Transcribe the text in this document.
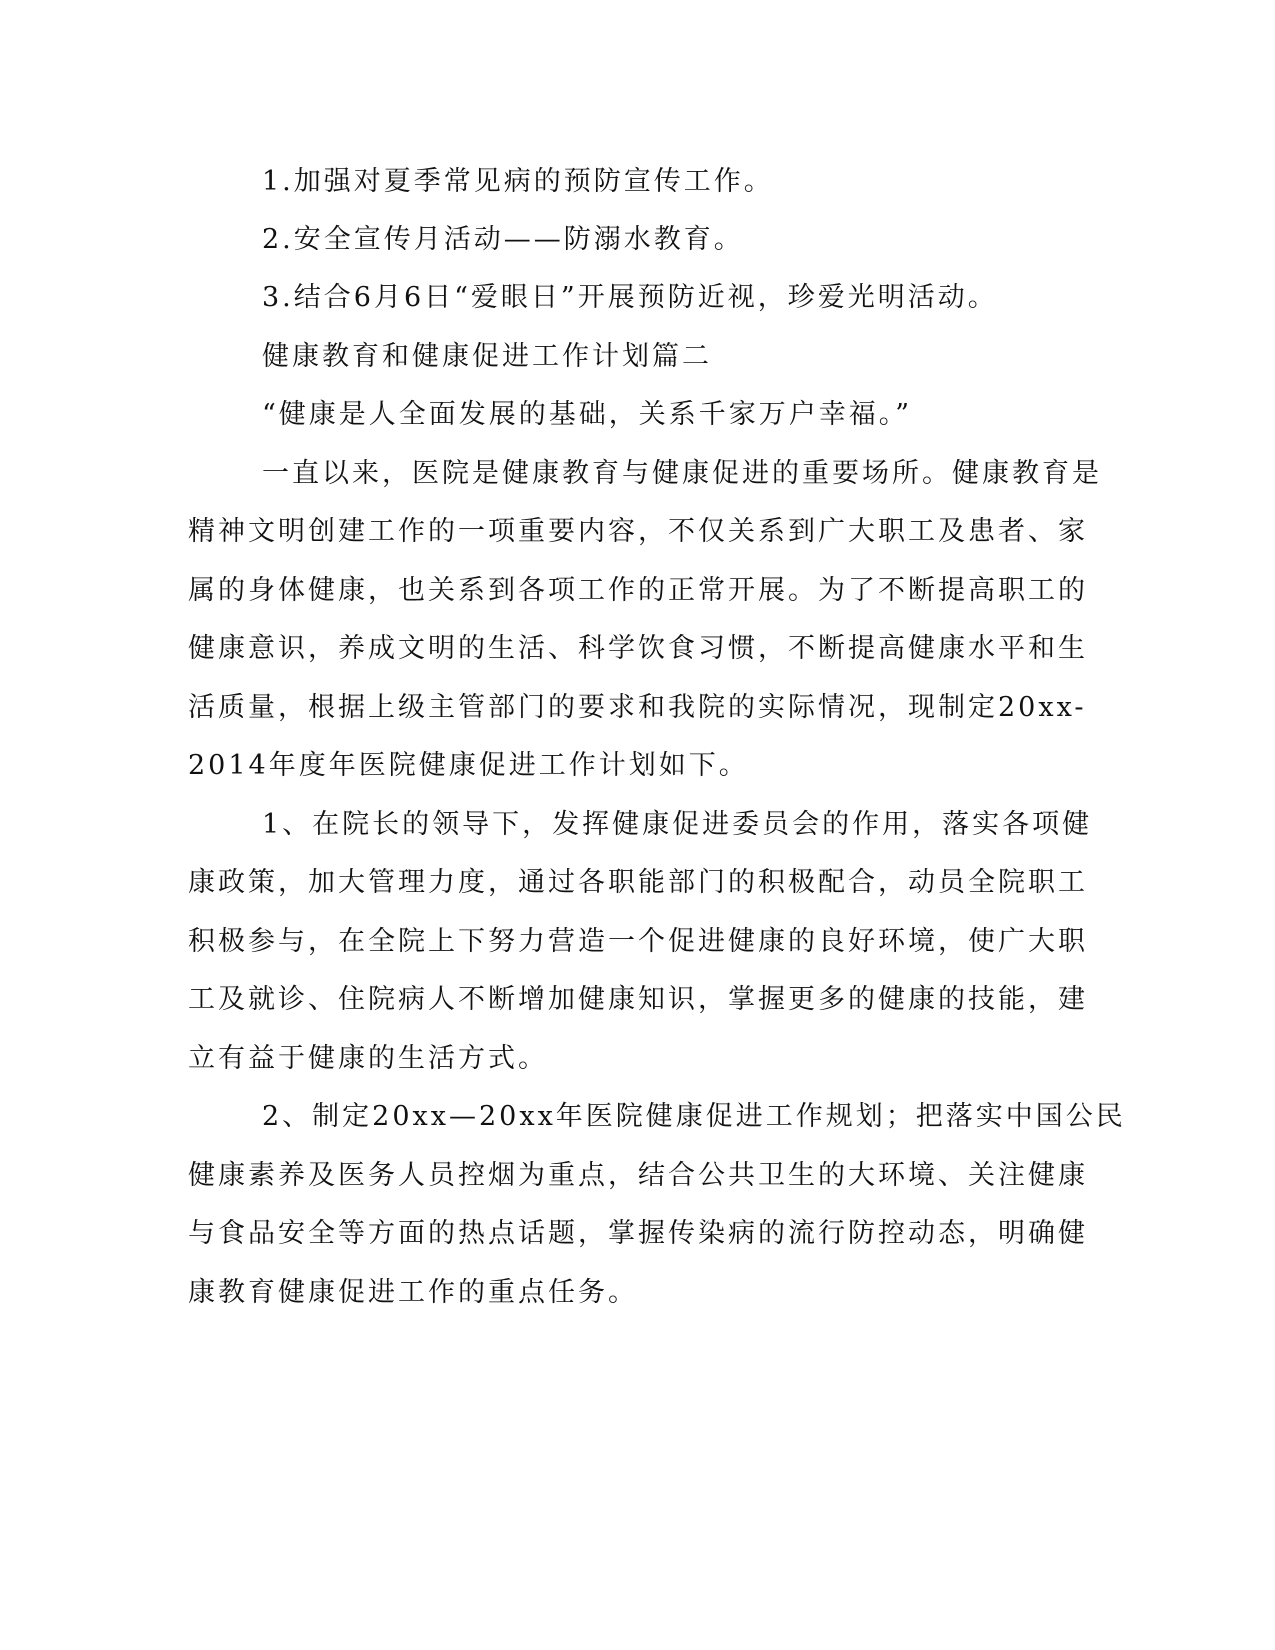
1.加强对夏季常见病的预防宣传工作。

2.安全宣传月活动——防溺水教育。

3.结合6月6日“爱眼日”开展预防近视，珍爱光明活动。

健康教育和健康促进工作计划篇二

“健康是人全面发展的基础，关系千家万户幸福。”

一直以来，医院是健康教育与健康促进的重要场所。健康教育是

精神文明创建工作的一项重要内容，不仅关系到广大职工及患者、家

属的身体健康，也关系到各项工作的正常开展。为了不断提高职工的

健康意识，养成文明的生活、科学饮食习惯，不断提高健康水平和生

活质量，根据上级主管部门的要求和我院的实际情况，现制定20xx-

2014年度年医院健康促进工作计划如下。

1、在院长的领导下，发挥健康促进委员会的作用，落实各项健

康政策，加大管理力度，通过各职能部门的积极配合，动员全院职工

积极参与，在全院上下努力营造一个促进健康的良好环境，使广大职

工及就诊、住院病人不断增加健康知识，掌握更多的健康的技能，建

立有益于健康的生活方式。

2、制定20xx—20xx年医院健康促进工作规划；把落实中国公民

健康素养及医务人员控烟为重点，结合公共卫生的大环境、关注健康

与食品安全等方面的热点话题，掌握传染病的流行防控动态，明确健

康教育健康促进工作的重点任务。
